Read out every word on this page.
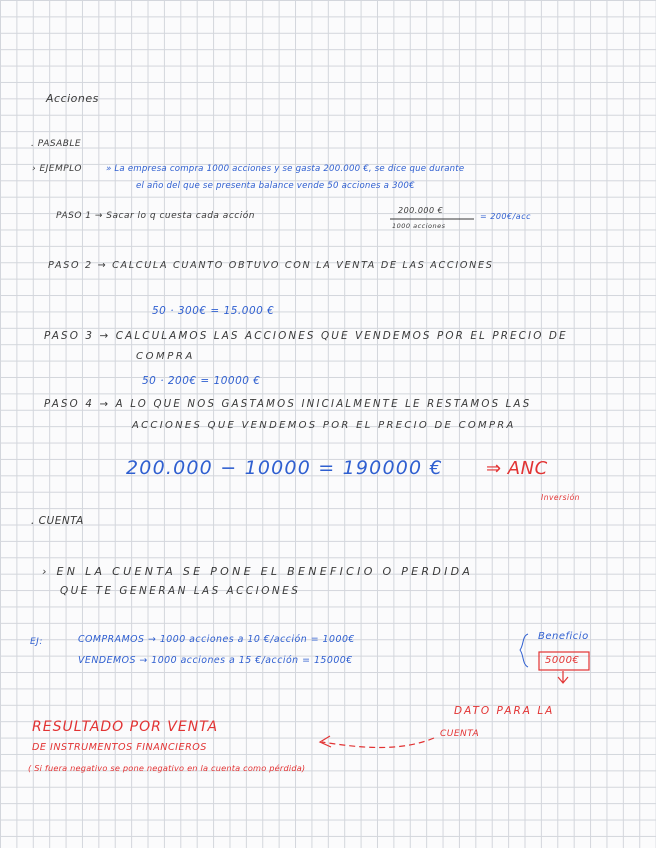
Acciones
. PASABLE
› EJEMPLO	» La empresa compra 1000 acciones y se gasta 200.000 €, se dice que durante
el año del que se presenta balance vende 50 acciones a 300€
PASO 1 → Sacar lo q cuesta cada acción
200.000 €
1000 acciones
= 200€/acc
PASO 2 → CALCULA CUANTO OBTUVO CON LA VENTA DE LAS ACCIONES
50 · 300€ = 15.000 €
PASO 3 → CALCULAMOS LAS ACCIONES QUE VENDEMOS POR EL PRECIO DE
COMPRA
50 · 200€ = 10000 €
PASO 4 → A LO QUE NOS GASTAMOS INICIALMENTE LE RESTAMOS LAS
ACCIONES QUE VENDEMOS POR EL PRECIO DE COMPRA
200.000 − 10000 = 190000 € ⇒ ANC
Inversión
. CUENTA
› EN LA CUENTA SE PONE EL BENEFICIO O PERDIDA
QUE TE GENERAN LAS ACCIONES
EJ:	COMPRAMOS → 1000 acciones a 10 €/acción = 1000€
VENDEMOS → 1000 acciones a 15 €/acción = 15000€
Beneficio
5000€
DATO PARA LA
CUENTA
RESULTADO POR VENTA
DE INSTRUMENTOS FINANCIEROS
( Si fuera negativo se pone negativo en la cuenta como pérdida)
